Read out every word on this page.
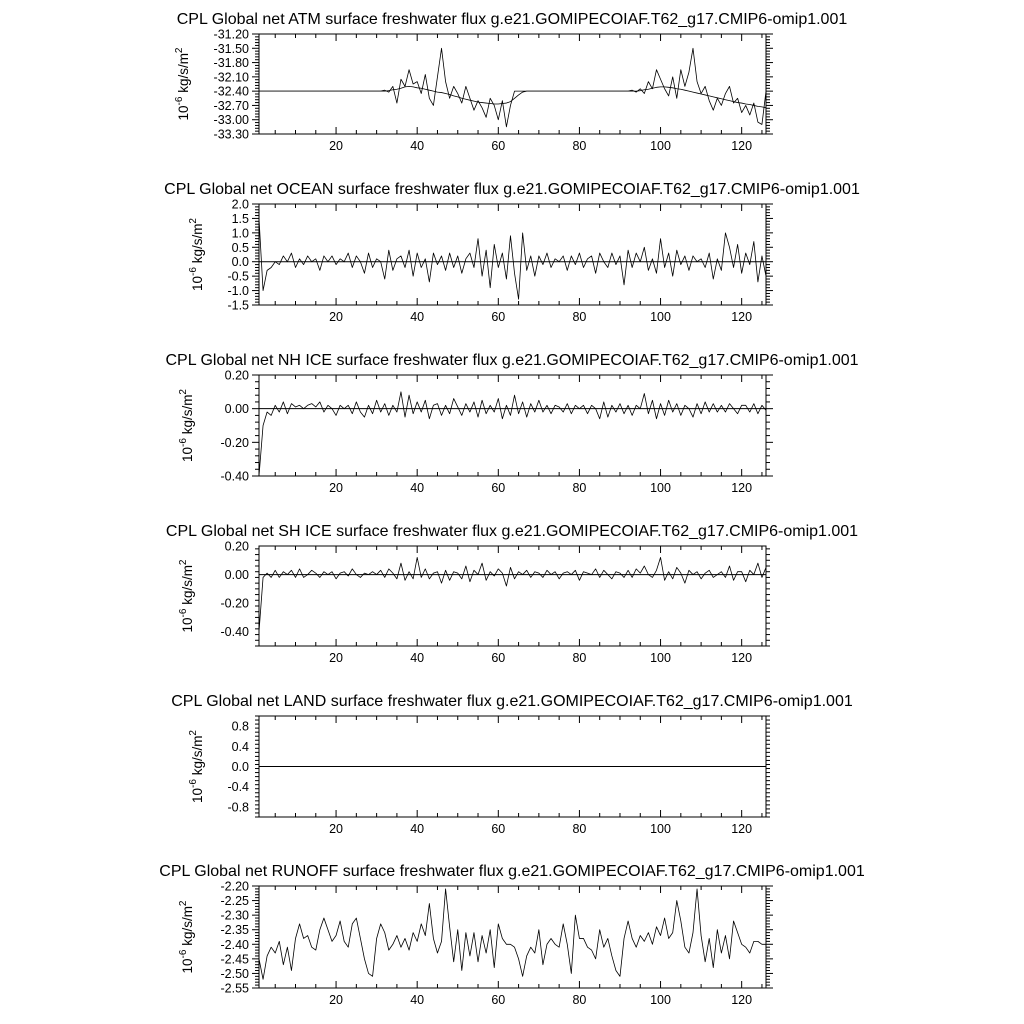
CPL Global net ATM surface freshwater flux g.e21.GOMIPECOIAF.T62_g17.CMIP6-omip1.001
20	40	60	80	100	120
-33.30
-33.00
-32.70
-32.40
-32.10
-31.80
-31.50
-31.20
$10^{-6}$ $kg/s/m^2$
CPL Global net OCEAN surface freshwater flux g.e21.GOMIPECOIAF.T62_g17.CMIP6-omip1.001
20	40	60	80	100	120
-1.5
-1.0
-0.5
0.0
0.5
1.0
1.5
2.0
$10^{-6}$ $kg/s/m^2$
CPL Global net NH ICE surface freshwater flux g.e21.GOMIPECOIAF.T62_g17.CMIP6-omip1.001
20	40	60	80	100	120
-0.40
-0.20
0.00
0.20
$10^{-6}$ $kg/s/m^2$
CPL Global net SH ICE surface freshwater flux g.e21.GOMIPECOIAF.T62_g17.CMIP6-omip1.001
20	40	60	80	100	120
-0.40
-0.20
0.00
0.20
$10^{-6}$ $kg/s/m^2$
CPL Global net LAND surface freshwater flux g.e21.GOMIPECOIAF.T62_g17.CMIP6-omip1.001
20	40	60	80	100	120
-0.8
-0.4
0.0
0.4
0.8
$10^{-6}$ $kg/s/m^2$
CPL Global net RUNOFF surface freshwater flux g.e21.GOMIPECOIAF.T62_g17.CMIP6-omip1.001
20	40	60	80	100	120
-2.55
-2.50
-2.45
-2.40
-2.35
-2.30
-2.25
-2.20
$10^{-6}$ $kg/s/m^2$
